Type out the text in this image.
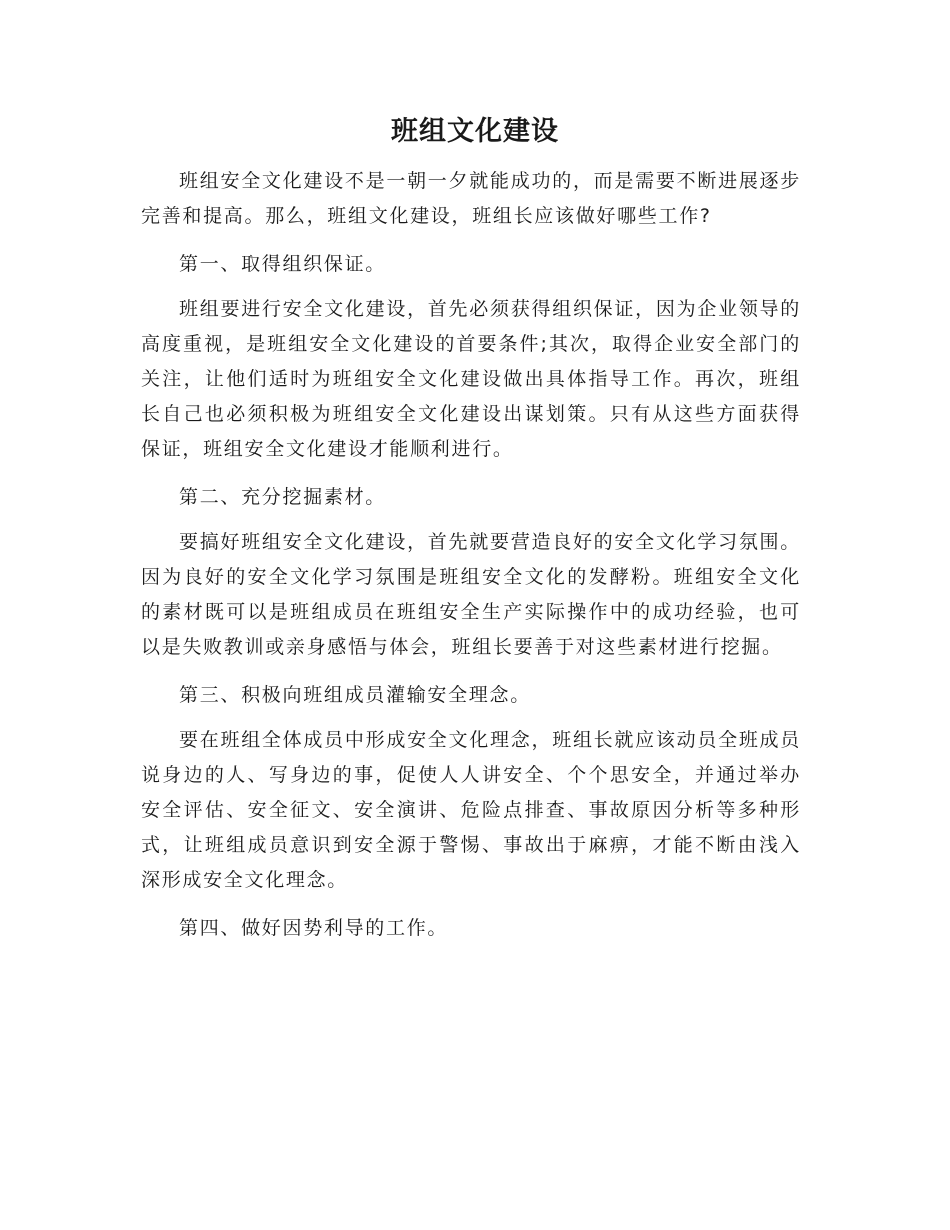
班组文化建设

班组安全文化建设不是一朝一夕就能成功的，而是需要不断进展逐步完善和提高。那么，班组文化建设，班组长应该做好哪些工作?

第一、取得组织保证。

班组要进行安全文化建设，首先必须获得组织保证，因为企业领导的高度重视，是班组安全文化建设的首要条件;其次，取得企业安全部门的关注，让他们适时为班组安全文化建设做出具体指导工作。再次，班组长自己也必须积极为班组安全文化建设出谋划策。只有从这些方面获得保证，班组安全文化建设才能顺利进行。

第二、充分挖掘素材。

要搞好班组安全文化建设，首先就要营造良好的安全文化学习氛围。因为良好的安全文化学习氛围是班组安全文化的发酵粉。班组安全文化的素材既可以是班组成员在班组安全生产实际操作中的成功经验，也可以是失败教训或亲身感悟与体会，班组长要善于对这些素材进行挖掘。

第三、积极向班组成员灌输安全理念。

要在班组全体成员中形成安全文化理念，班组长就应该动员全班成员说身边的人、写身边的事，促使人人讲安全、个个思安全，并通过举办安全评估、安全征文、安全演讲、危险点排查、事故原因分析等多种形式，让班组成员意识到安全源于警惕、事故出于麻痹，才能不断由浅入深形成安全文化理念。

第四、做好因势利导的工作。
